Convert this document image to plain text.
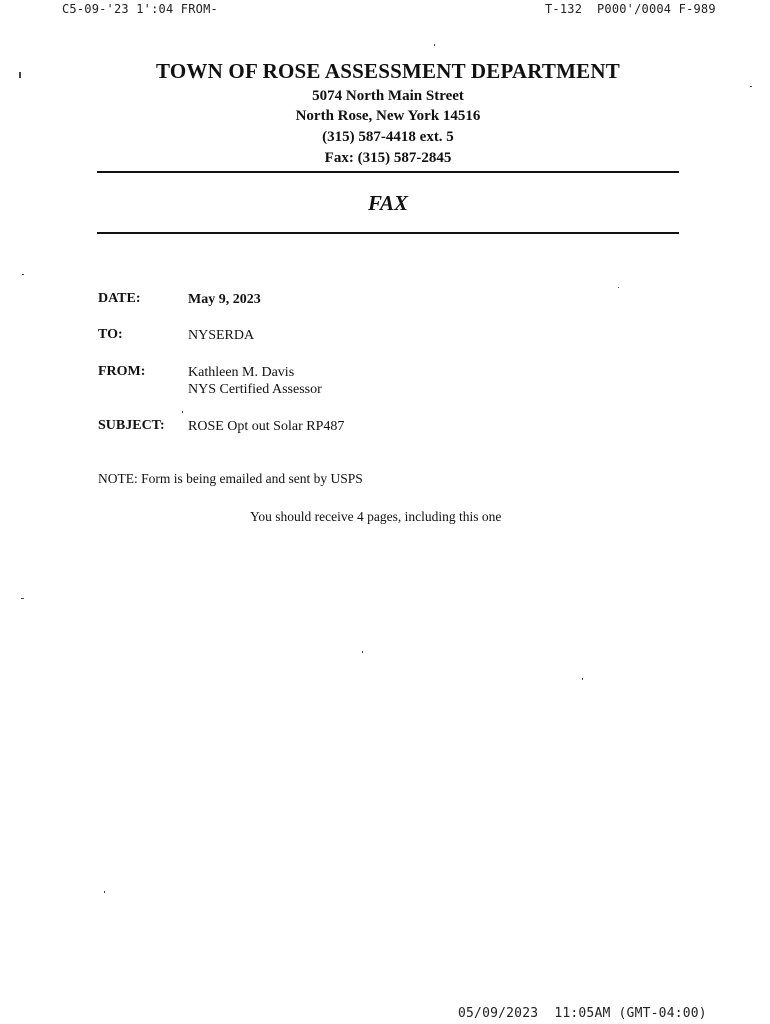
C5-09-'23 1':04 FROM-	T-132  P000'/0004 F-989
TOWN OF ROSE ASSESSMENT DEPARTMENT
5074 North Main Street
North Rose, New York 14516
(315) 587-4418 ext. 5
Fax: (315) 587-2845
FAX
DATE:	May 9, 2023
TO:	NYSERDA
FROM:	Kathleen M. Davis
NYS Certified Assessor
SUBJECT: ROSE Opt out Solar RP487
NOTE: Form is being emailed and sent by USPS
You should receive 4 pages, including this one
05/09/2023  11:05AM (GMT-04:00)
